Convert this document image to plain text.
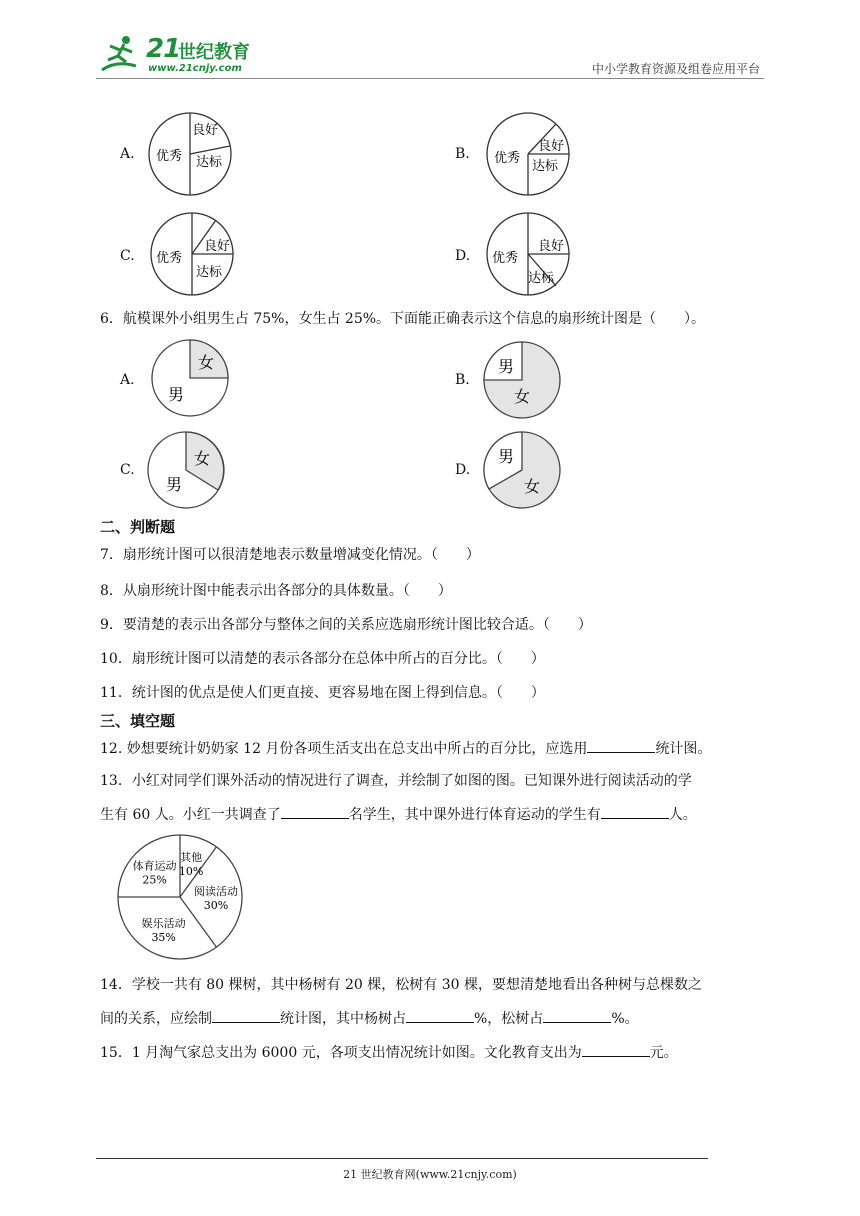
21
世纪教育
www.21cnjy.com	中小学教育资源及组卷应用平台
A. 优秀
良好
达标
B. 优秀
良好
达标
C. 优秀
良好
达标
D. 优秀
良好
达标
6．航模课外小组男生占 75%，女生占 25%。下面能正确表示这个信息的扇形统计图是（　　）。
A.
女
男
B.
男
女
C.
女
男
D.
男
女
二、判断题
7．扇形统计图可以很清楚地表示数量增减变化情况。（　　）
8．从扇形统计图中能表示出各部分的具体数量。（　　）
9．要清楚的表示出各部分与整体之间的关系应选扇形统计图比较合适。（　　）
10．扇形统计图可以清楚的表示各部分在总体中所占的百分比。（　　）
11．统计图的优点是使人们更直接、更容易地在图上得到信息。（　　）
三、填空题
12. 妙想要统计奶奶家 12 月份各项生活支出在总支出中所占的百分比，应选用	统计图。
13．小红对同学们课外活动的情况进行了调查，并绘制了如图的图。已知课外进行阅读活动的学
生有 60 人。小红一共调查了	名学生，其中课外进行体育运动的学生有	人。
其他
10%
阅读活动
30%
娱乐活动
35%
体育运动
25%
14．学校一共有 80 棵树，其中杨树有 20 棵，松树有 30 棵，要想清楚地看出各种树与总棵数之
间的关系，应绘制	统计图，其中杨树占	%，松树占	%。
15．1 月淘气家总支出为 6000 元，各项支出情况统计如图。文化教育支出为	元。
21 世纪教育网(www.21cnjy.com)
